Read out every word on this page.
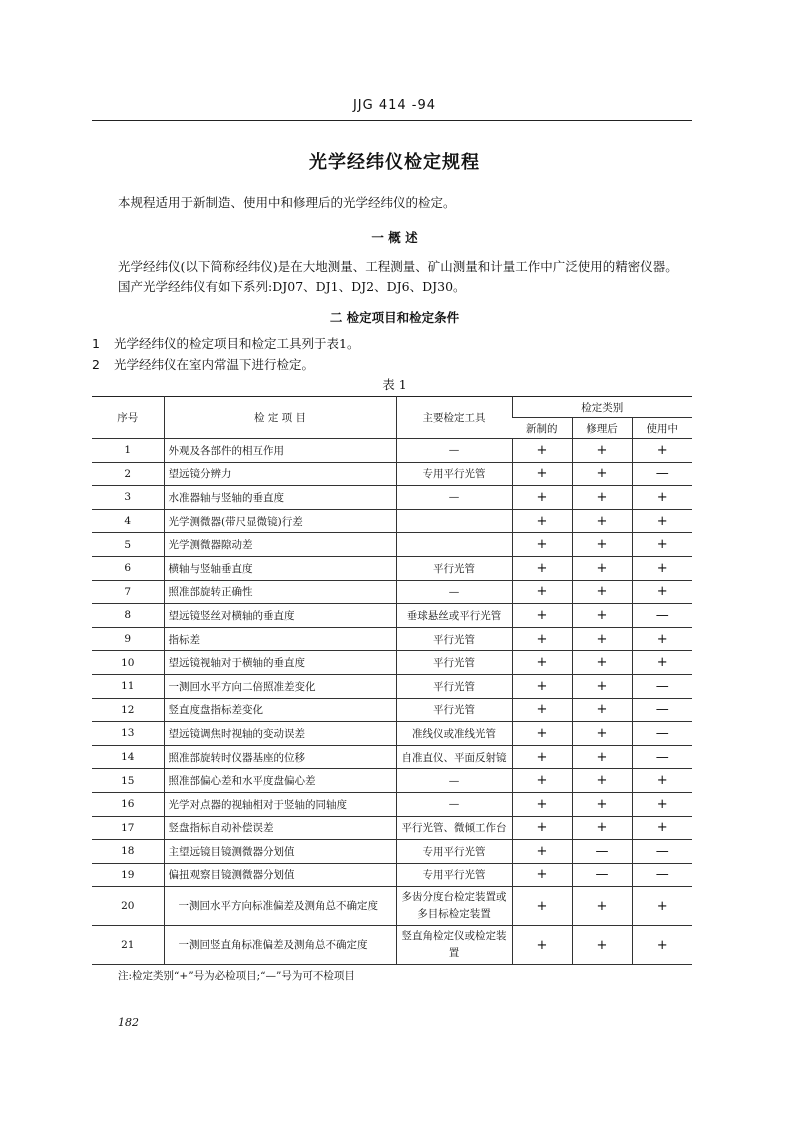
JJG 414 -94
光学经纬仪检定规程
本规程适用于新制造、使用中和修理后的光学经纬仪的检定。
一 概 述
光学经纬仪(以下简称经纬仪)是在大地测量、工程测量、矿山测量和计量工作中广泛使用的精密仪器。
国产光学经纬仪有如下系列:DJ07、DJ1、DJ2、DJ6、DJ30。
二 检定项目和检定条件
1 光学经纬仪的检定项目和检定工具列于表1。
2 光学经纬仪在室内常温下进行检定。
表 1
序号	检 定 项 目	主要检定工具	检定类别		
			新制的	修理后	使用中
1	外观及各部件的相互作用	—	+	+	+
2	望远镜分辨力	专用平行光管	+	+	—
3	水准器轴与竖轴的垂直度	—	+	+	+
4	光学测微器(带尺显微镜)行差		+	+	+
5	光学测微器隙动差		+	+	+
6	横轴与竖轴垂直度	平行光管	+	+	+
7	照准部旋转正确性	—	+	+	+
8	望远镜竖丝对横轴的垂直度	垂球悬丝或平行光管	+	+	—
9	指标差	平行光管	+	+	+
10	望远镜视轴对于横轴的垂直度	平行光管	+	+	+
11	一测回水平方向二倍照准差变化	平行光管	+	+	—
12	竖直度盘指标差变化	平行光管	+	+	—
13	望远镜调焦时视轴的变动误差	准线仪或准线光管	+	+	—
14	照准部旋转时仪器基座的位移	自准直仪、平面反射镜	+	+	—
15	照准部偏心差和水平度盘偏心差	—	+	+	+
16	光学对点器的视轴相对于竖轴的同轴度	—	+	+	+
17	竖盘指标自动补偿误差	平行光管、微倾工作台	+	+	+
18	主望远镜目镜测微器分划值	专用平行光管	+	—	—
19	偏扭观察目镜测微器分划值	专用平行光管	+	—	—
20	一测回水平方向标准偏差及测角总不确定度	多齿分度台检定装置或多目标检定装置	+	+	+
21	一测回竖直角标准偏差及测角总不确定度	竖直角检定仪或检定装置	+	+	+
注:检定类别“+”号为必检项目;“—”号为可不检项目
182
